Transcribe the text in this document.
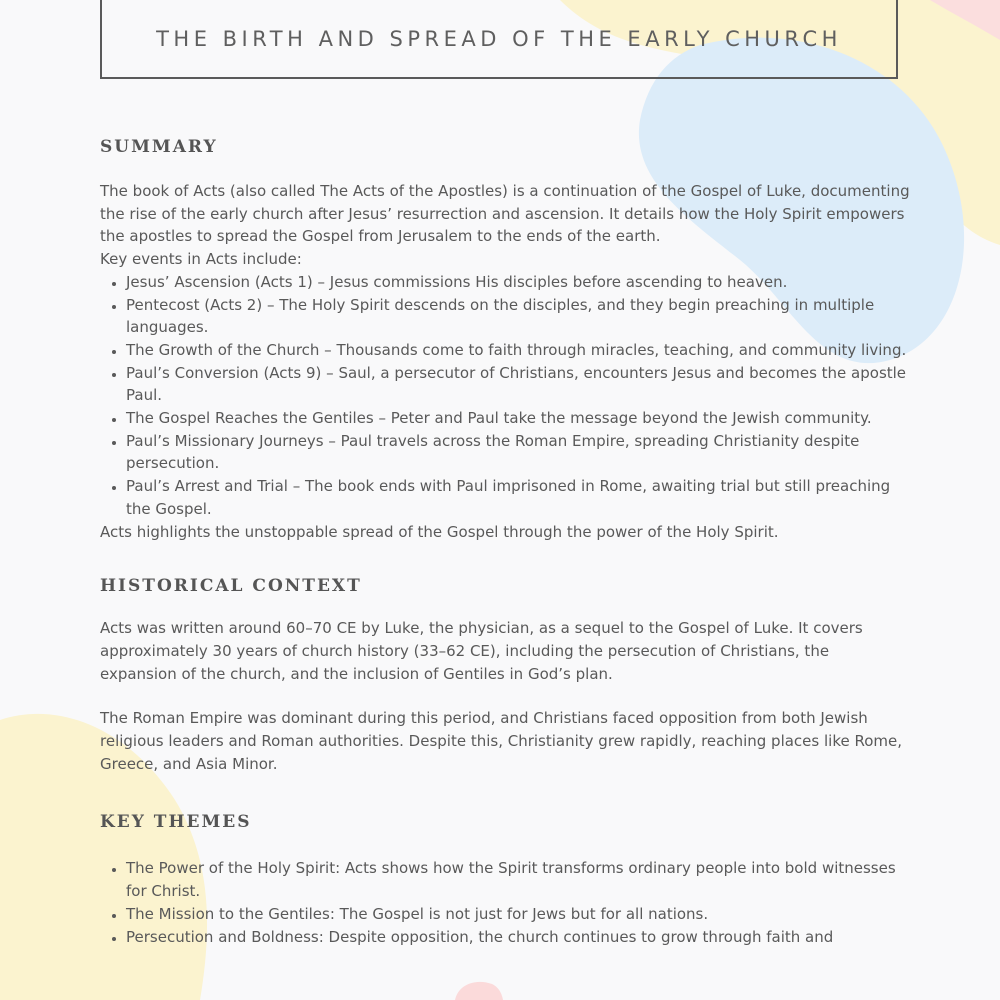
THE BIRTH AND SPREAD OF THE EARLY CHURCH
SUMMARY

The book of Acts (also called The Acts of the Apostles) is a continuation of the Gospel of Luke, documenting the rise of the early church after Jesus’ resurrection and ascension. It details how the Holy Spirit empowers the apostles to spread the Gospel from Jerusalem to the ends of the earth.

Key events in Acts include:

• Jesus’ Ascension (Acts 1) – Jesus commissions His disciples before ascending to heaven.
• Pentecost (Acts 2) – The Holy Spirit descends on the disciples, and they begin preaching in multiple languages.
• The Growth of the Church – Thousands come to faith through miracles, teaching, and community living.
• Paul’s Conversion (Acts 9) – Saul, a persecutor of Christians, encounters Jesus and becomes the apostle Paul.
• The Gospel Reaches the Gentiles – Peter and Paul take the message beyond the Jewish community.
• Paul’s Missionary Journeys – Paul travels across the Roman Empire, spreading Christianity despite persecution.
• Paul’s Arrest and Trial – The book ends with Paul imprisoned in Rome, awaiting trial but still preaching the Gospel.

Acts highlights the unstoppable spread of the Gospel through the power of the Holy Spirit.

HISTORICAL CONTEXT

Acts was written around 60–70 CE by Luke, the physician, as a sequel to the Gospel of Luke. It covers approximately 30 years of church history (33–62 CE), including the persecution of Christians, the expansion of the church, and the inclusion of Gentiles in God’s plan.

The Roman Empire was dominant during this period, and Christians faced opposition from both Jewish religious leaders and Roman authorities. Despite this, Christianity grew rapidly, reaching places like Rome, Greece, and Asia Minor.

KEY THEMES
• The Power of the Holy Spirit: Acts shows how the Spirit transforms ordinary people into bold witnesses for Christ.
• The Mission to the Gentiles: The Gospel is not just for Jews but for all nations.
• Persecution and Boldness: Despite opposition, the church continues to grow through faith and
